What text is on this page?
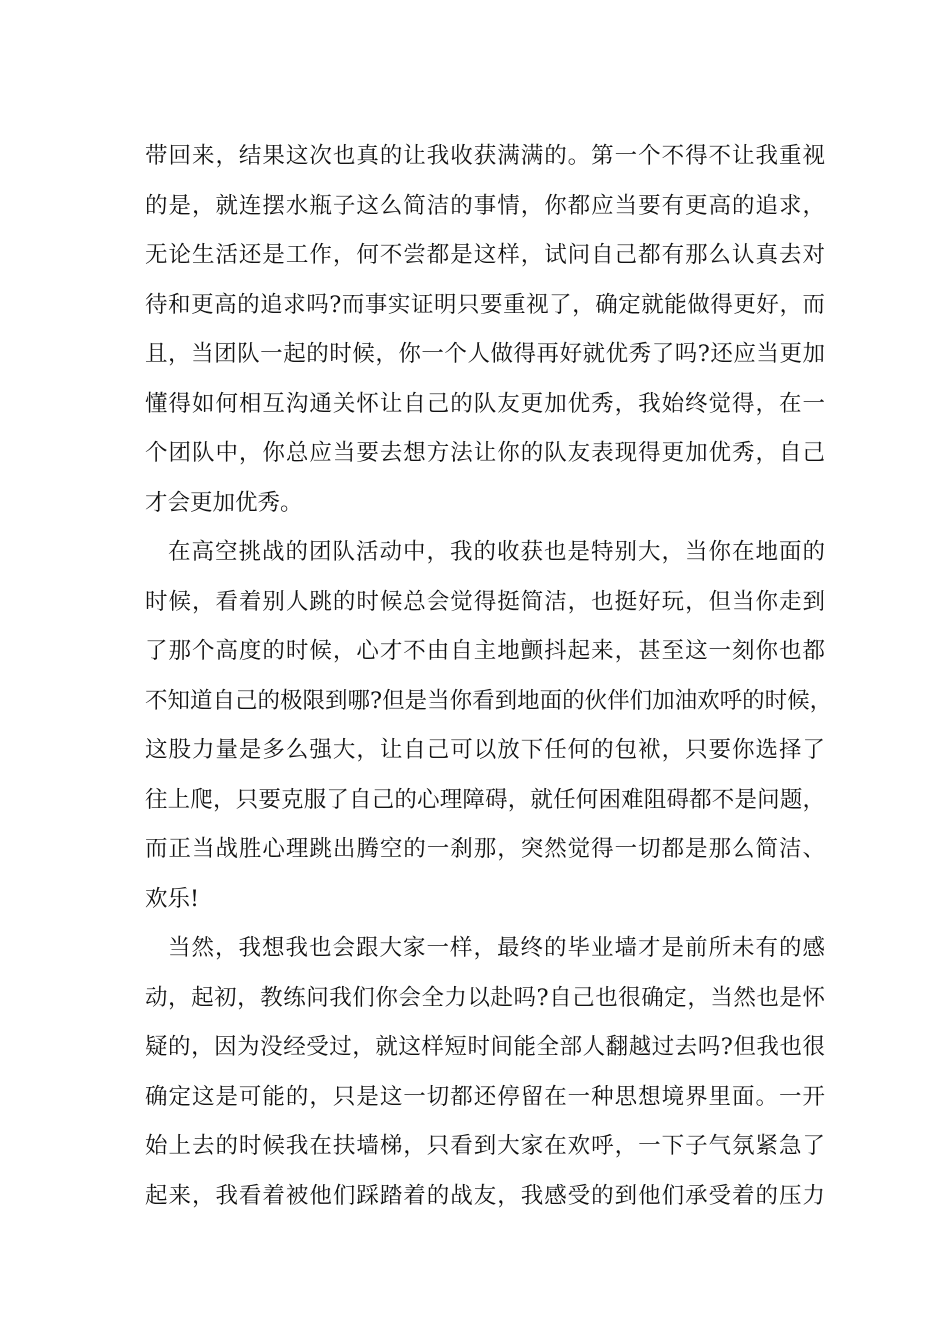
带回来，结果这次也真的让我收获满满的。第一个不得不让我重视
的是，就连摆水瓶子这么简洁的事情，你都应当要有更高的追求，
无论生活还是工作，何不尝都是这样，试问自己都有那么认真去对
待和更高的追求吗?而事实证明只要重视了，确定就能做得更好，而
且，当团队一起的时候，你一个人做得再好就优秀了吗?还应当更加
懂得如何相互沟通关怀让自己的队友更加优秀，我始终觉得，在一
个团队中，你总应当要去想方法让你的队友表现得更加优秀，自己
才会更加优秀。
在高空挑战的团队活动中，我的收获也是特别大，当你在地面的
时候，看着别人跳的时候总会觉得挺简洁，也挺好玩，但当你走到
了那个高度的时候，心才不由自主地颤抖起来，甚至这一刻你也都
不知道自己的极限到哪?但是当你看到地面的伙伴们加油欢呼的时候，
这股力量是多么强大，让自己可以放下任何的包袱，只要你选择了
往上爬，只要克服了自己的心理障碍，就任何困难阻碍都不是问题，
而正当战胜心理跳出腾空的一刹那，突然觉得一切都是那么简洁、
欢乐!
当然，我想我也会跟大家一样，最终的毕业墙才是前所未有的感
动，起初，教练问我们你会全力以赴吗?自己也很确定，当然也是怀
疑的，因为没经受过，就这样短时间能全部人翻越过去吗?但我也很
确定这是可能的，只是这一切都还停留在一种思想境界里面。一开
始上去的时候我在扶墙梯，只看到大家在欢呼，一下子气氛紧急了
起来，我看着被他们踩踏着的战友，我感受的到他们承受着的压力
